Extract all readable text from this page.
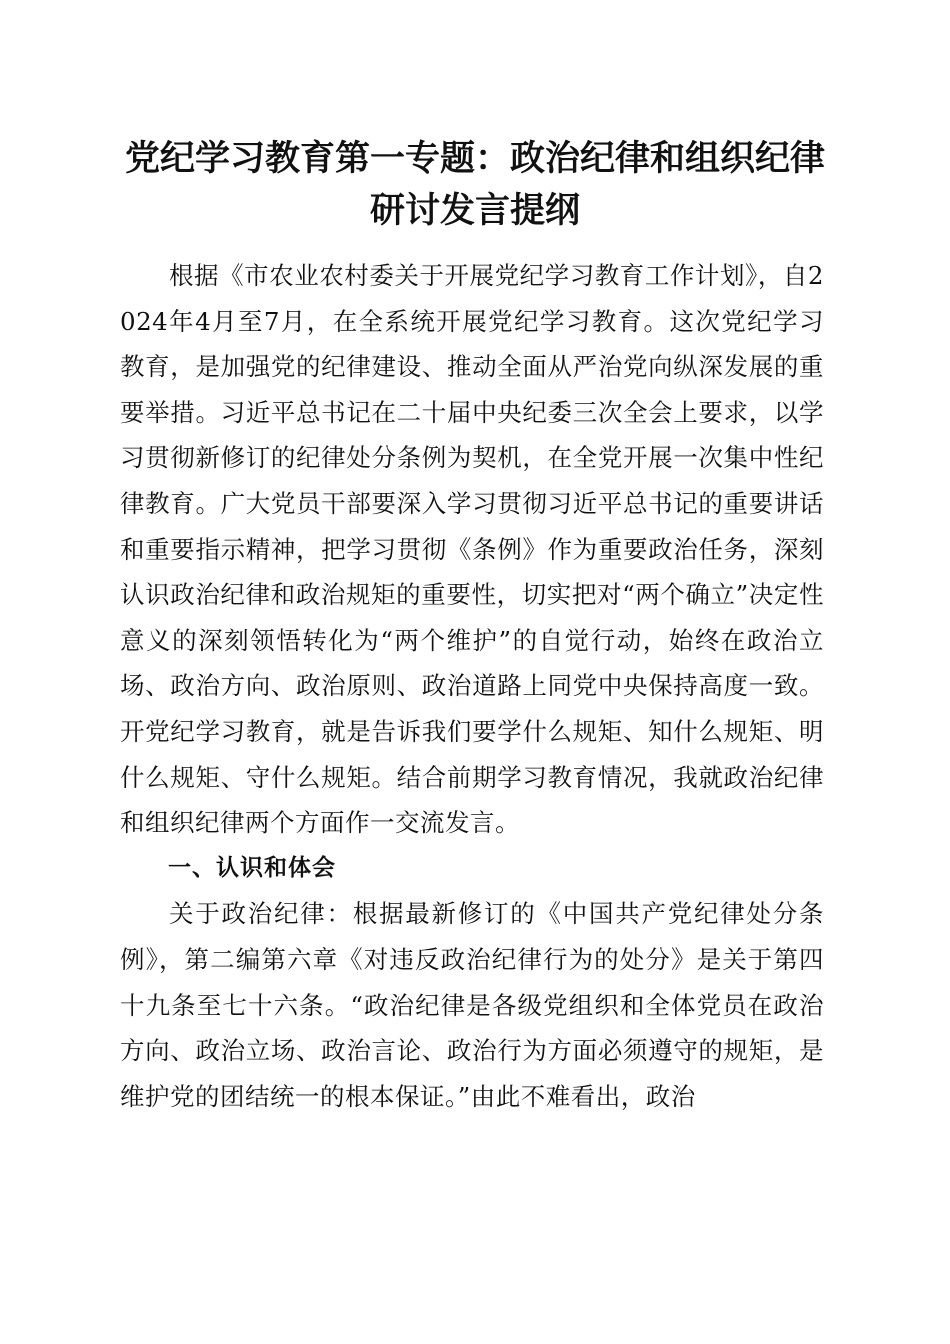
党纪学习教育第一专题：政治纪律和组织纪律
研讨发言提纲

根据《市农业农村委关于开展党纪学习教育工作计划》，自2024年4月至7月，在全系统开展党纪学习教育。这次党纪学习教育，是加强党的纪律建设、推动全面从严治党向纵深发展的重要举措。习近平总书记在二十届中央纪委三次全会上要求，以学习贯彻新修订的纪律处分条例为契机，在全党开展一次集中性纪律教育。广大党员干部要深入学习贯彻习近平总书记的重要讲话和重要指示精神，把学习贯彻《条例》作为重要政治任务，深刻认识政治纪律和政治规矩的重要性，切实把对“两个确立”决定性意义的深刻领悟转化为“两个维护”的自觉行动，始终在政治立场、政治方向、政治原则、政治道路上同党中央保持高度一致。开党纪学习教育，就是告诉我们要学什么规矩、知什么规矩、明什么规矩、守什么规矩。结合前期学习教育情况，我就政治纪律和组织纪律两个方面作一交流发言。

一、认识和体会

关于政治纪律：根据最新修订的《中国共产党纪律处分条例》，第二编第六章《对违反政治纪律行为的处分》是关于第四十九条至七十六条。“政治纪律是各级党组织和全体党员在政治方向、政治立场、政治言论、政治行为方面必须遵守的规矩，是维护党的团结统一的根本保证。”由此不难看出，政治
